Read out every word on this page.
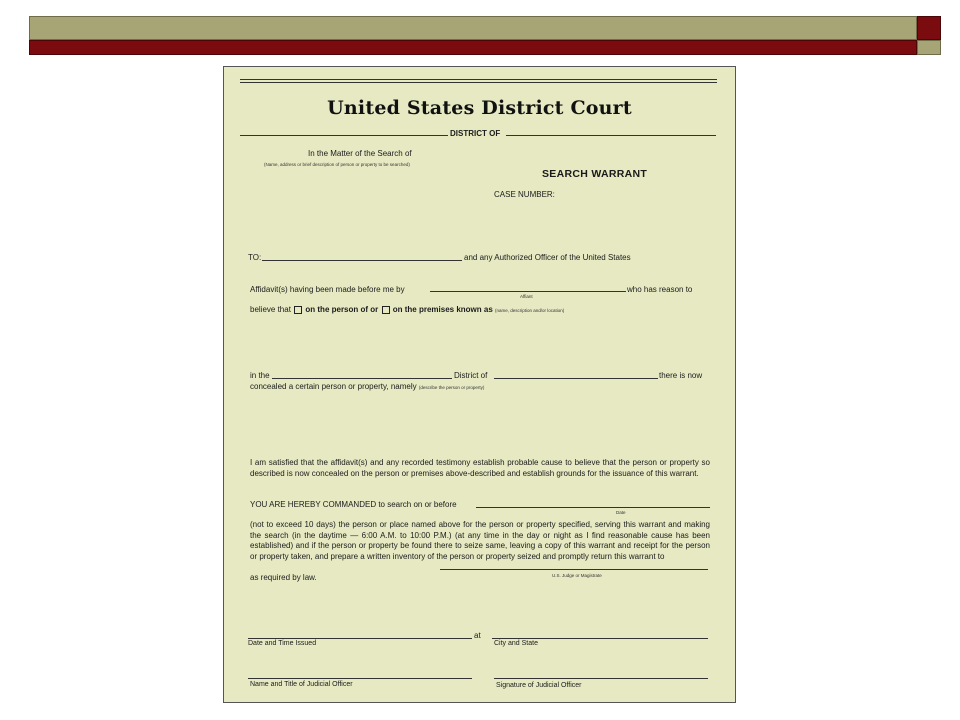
United States District Court
DISTRICT OF
In the Matter of the Search of
(Name, address or brief description of person or property to be searched)
SEARCH WARRANT
CASE NUMBER:
TO:	and any Authorized Officer of the United States
Affidavit(s) having been made before me by	who has reason to
Affiant
believe that on the person of or on the premises known as (name, description and/or location)
in the	District of	there is now
concealed a certain person or property, namely (describe the person or property)
I am satisfied that the affidavit(s) and any recorded testimony establish probable cause to believe that the person or property so described is now concealed on the person or premises above-described and establish grounds for the issuance of this warrant.
YOU ARE HEREBY COMMANDED to search on or before
Date
(not to exceed 10 days) the person or place named above for the person or property specified, serving this warrant and making the search (in the daytime — 6:00 A.M. to 10:00 P.M.) (at any time in the day or night as I find reasonable cause has been established) and if the person or property be found there to seize same, leaving a copy of this warrant and receipt for the person or property taken, and prepare a written inventory of the person or property seized and promptly return this warrant to
U.S. Judge or Magistrate
as required by law.
at
Date and Time Issued	City and State
Name and Title of Judicial Officer	Signature of Judicial Officer
